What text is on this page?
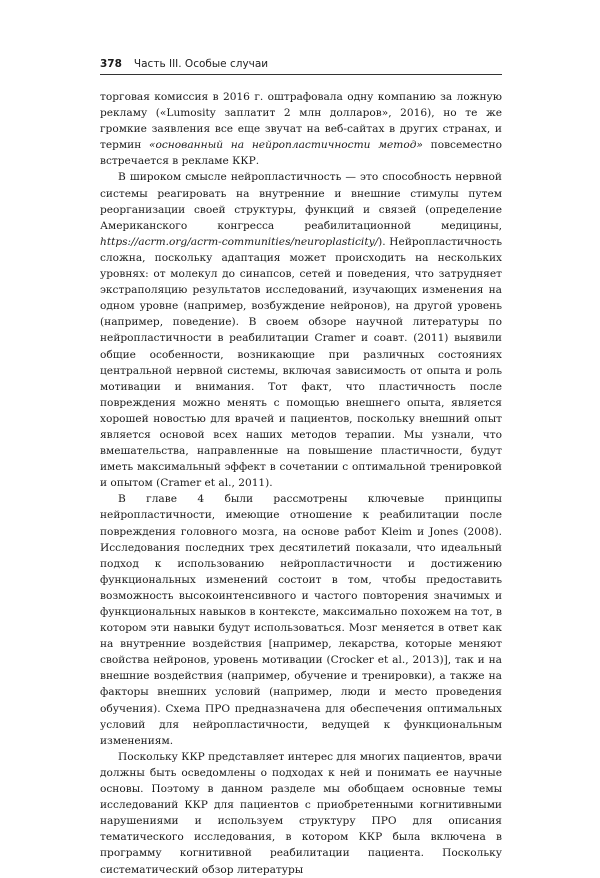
378 Часть III. Особые случаи

торговая комиссия в 2016 г. оштрафовала одну компанию за ложную рекламу («Lumosity заплатит 2 млн долларов», 2016), но те же громкие заявления все еще звучат на веб-сайтах в других странах, и термин «основанный на нейропластичности метод» повсеместно встречается в рекламе ККР.

В широком смысле нейропластичность — это способность нервной системы реагировать на внутренние и внешние стимулы путем реорганизации своей структуры, функций и связей (определение Американского конгресса реабилитационной медицины, https://acrm.org/acrm-communities/neuroplasticity/). Нейропластичность сложна, поскольку адаптация может происходить на нескольких уровнях: от молекул до синапсов, сетей и поведения, что затрудняет экстраполяцию результатов исследований, изучающих изменения на одном уровне (например, возбуждение нейронов), на другой уровень (например, поведение). В своем обзоре научной литературы по нейропластичности в реабилитации Cramer и соавт. (2011) выявили общие особенности, возникающие при различных состояниях центральной нервной системы, включая зависимость от опыта и роль мотивации и внимания. Тот факт, что пластичность после повреждения можно менять с помощью внешнего опыта, является хорошей новостью для врачей и пациентов, поскольку внешний опыт является основой всех наших методов терапии. Мы узнали, что вмешательства, направленные на повышение пластичности, будут иметь максимальный эффект в сочетании с оптимальной тренировкой и опытом (Cramer et al., 2011).

В главе 4 были рассмотрены ключевые принципы нейропластичности, имеющие отношение к реабилитации после повреждения головного мозга, на основе работ Kleim и Jones (2008). Исследования последних трех десятилетий показали, что идеальный подход к использованию нейропластичности и достижению функциональных изменений состоит в том, чтобы предоставить возможность высокоинтенсивного и частого повторения значимых и функциональных навыков в контексте, максимально похожем на тот, в котором эти навыки будут использоваться. Мозг меняется в ответ как на внутренние воздействия [например, лекарства, которые меняют свойства нейронов, уровень мотивации (Crocker et al., 2013)], так и на внешние воздействия (например, обучение и тренировки), а также на факторы внешних условий (например, люди и место проведения обучения). Схема ПРО предназначена для обеспечения оптимальных условий для нейропластичности, ведущей к функциональным изменениям.

Поскольку ККР представляет интерес для многих пациентов, врачи должны быть осведомлены о подходах к ней и понимать ее научные основы. Поэтому в данном разделе мы обобщаем основные темы исследований ККР для пациентов с приобретенными когнитивными нарушениями и используем структуру ПРО для описания тематического исследования, в котором ККР была включена в программу когнитивной реабилитации пациента. Поскольку систематический обзор литературы
